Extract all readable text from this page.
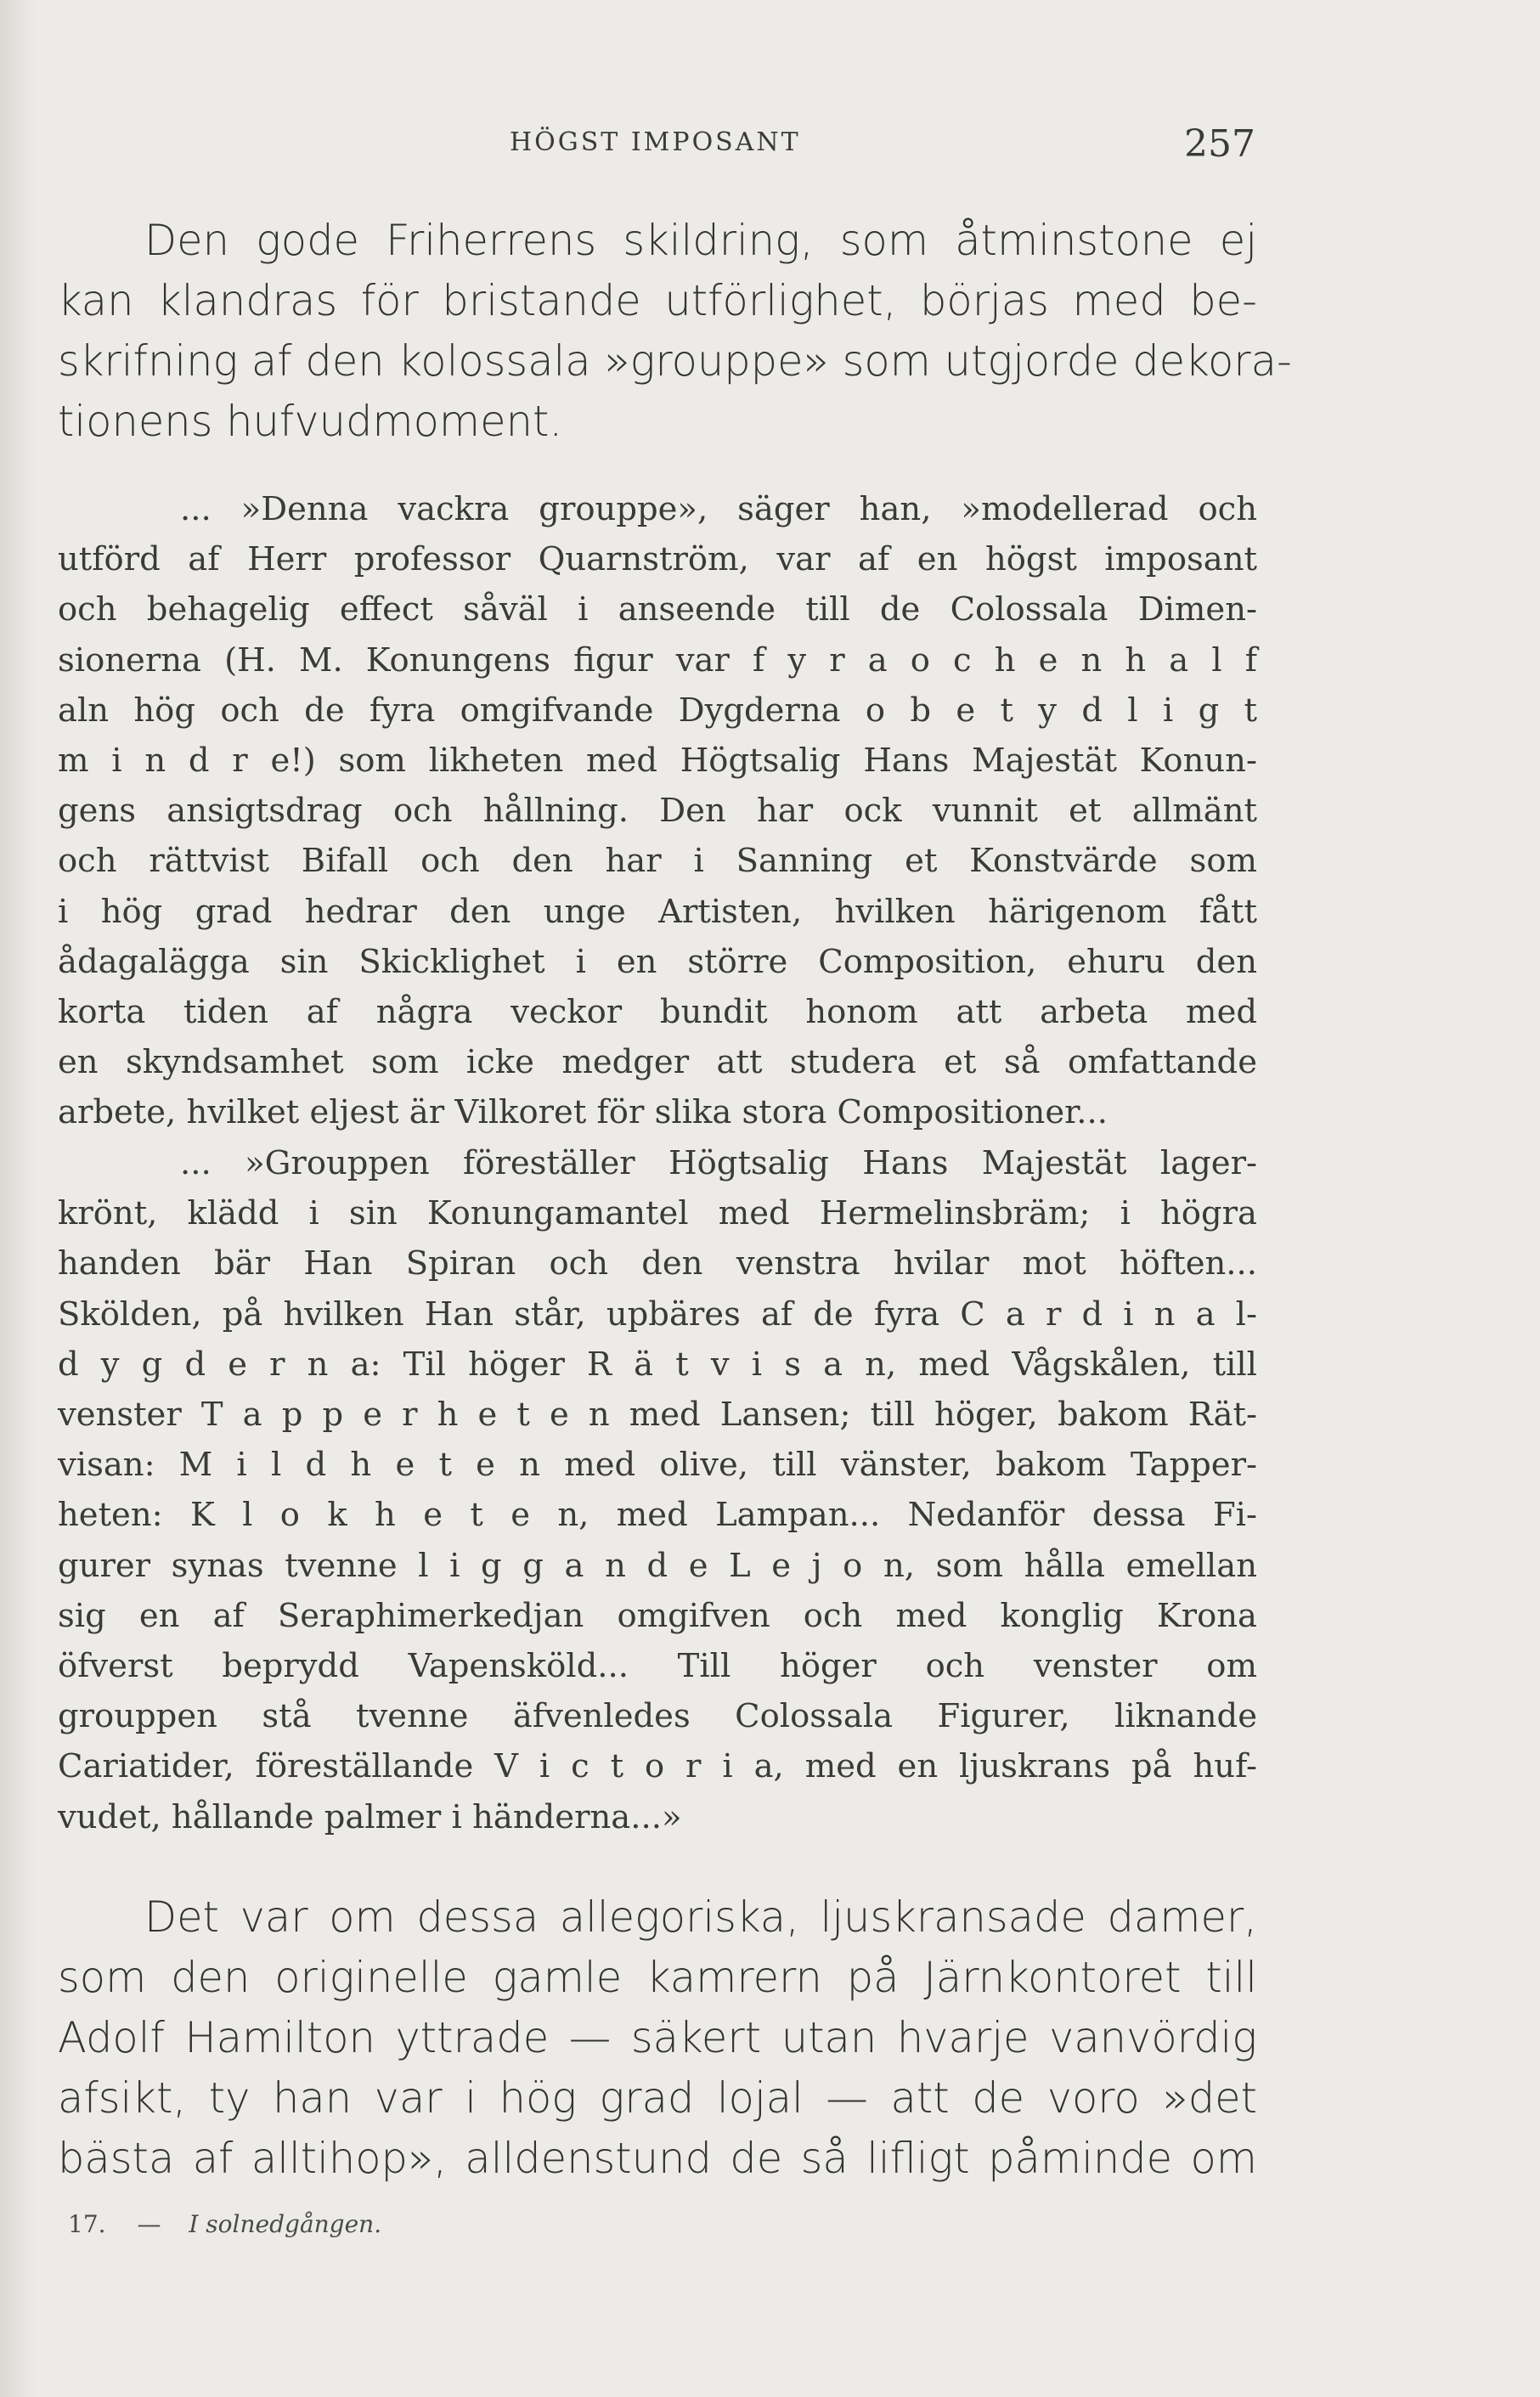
HÖGST IMPOSANT	257
Den gode Friherrens skildring, som åtminstone ej
kan klandras för bristande utförlighet, börjas med be-
skrifning af den kolossala »grouppe» som utgjorde dekora-
tionens hufvudmoment.
... »Denna vackra grouppe», säger han, »modellerad och
utförd af Herr professor Quarnström, var af en högst imposant
och behagelig effect såväl i anseende till de Colossala Dimen-
sionerna (H. M. Konungens figur var f y r a o c h e n h a l f
aln hög och de fyra omgifvande Dygderna o b e t y d l i g t
m i n d r e!) som likheten med Högtsalig Hans Majestät Konun-
gens ansigtsdrag och hållning. Den har ock vunnit et allmänt
och rättvist Bifall och den har i Sanning et Konstvärde som
i hög grad hedrar den unge Artisten, hvilken härigenom fått
ådagalägga sin Skicklighet i en större Composition, ehuru den
korta tiden af några veckor bundit honom att arbeta med
en skyndsamhet som icke medger att studera et så omfattande
arbete, hvilket eljest är Vilkoret för slika stora Compositioner...
... »Grouppen föreställer Högtsalig Hans Majestät lager-
krönt, klädd i sin Konungamantel med Hermelinsbräm; i högra
handen bär Han Spiran och den venstra hvilar mot höften...
Skölden, på hvilken Han står, upbäres af de fyra C a r d i n a l-
d y g d e r n a: Til höger R ä t v i s a n, med Vågskålen, till
venster T a p p e r h e t e n med Lansen; till höger, bakom Rät-
visan: M i l d h e t e n med olive, till vänster, bakom Tapper-
heten: K l o k h e t e n, med Lampan... Nedanför dessa Fi-
gurer synas tvenne l i g g a n d e L e j o n, som hålla emellan
sig en af Seraphimerkedjan omgifven och med konglig Krona
öfverst beprydd Vapensköld... Till höger och venster om
grouppen stå tvenne äfvenledes Colossala Figurer, liknande
Cariatider, föreställande V i c t o r i a, med en ljuskrans på huf-
vudet, hållande palmer i händerna...»
Det var om dessa allegoriska, ljuskransade damer,
som den originelle gamle kamrern på Järnkontoret till
Adolf Hamilton yttrade — säkert utan hvarje vanvördig
afsikt, ty han var i hög grad lojal — att de voro »det
bästa af alltihop», alldenstund de så lifligt påminde om
17. — I solnedgången.
